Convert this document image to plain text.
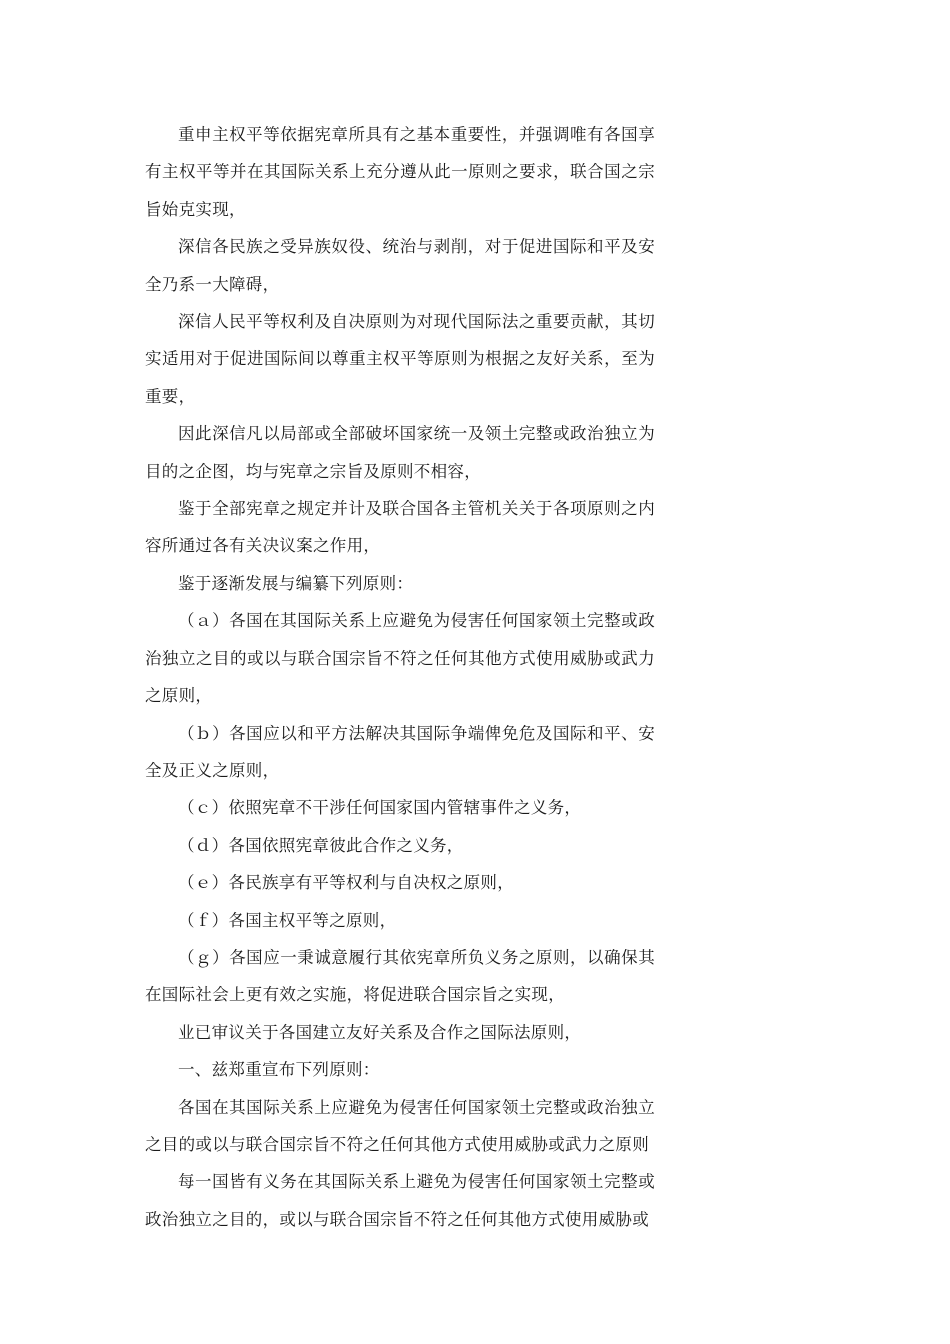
重申主权平等依据宪章所具有之基本重要性，并强调唯有各国享有主权平等并在其国际关系上充分遵从此一原则之要求，联合国之宗旨始克实现，

深信各民族之受异族奴役、统治与剥削，对于促进国际和平及安全乃系一大障碍，

深信人民平等权利及自决原则为对现代国际法之重要贡献，其切实适用对于促进国际间以尊重主权平等原则为根据之友好关系，至为重要，

因此深信凡以局部或全部破坏国家统一及领土完整或政治独立为目的之企图，均与宪章之宗旨及原则不相容，

鉴于全部宪章之规定并计及联合国各主管机关关于各项原则之内容所通过各有关决议案之作用，

鉴于逐渐发展与编纂下列原则：

（ａ）各国在其国际关系上应避免为侵害任何国家领土完整或政治独立之目的或以与联合国宗旨不符之任何其他方式使用威胁或武力之原则，

（ｂ）各国应以和平方法解决其国际争端俾免危及国际和平、安全及正义之原则，

（ｃ）依照宪章不干涉任何国家国内管辖事件之义务，

（ｄ）各国依照宪章彼此合作之义务，

（ｅ）各民族享有平等权利与自决权之原则，

（ｆ）各国主权平等之原则，

（ｇ）各国应一秉诚意履行其依宪章所负义务之原则，以确保其在国际社会上更有效之实施，将促进联合国宗旨之实现，

业已审议关于各国建立友好关系及合作之国际法原则，

一、兹郑重宣布下列原则：

各国在其国际关系上应避免为侵害任何国家领土完整或政治独立之目的或以与联合国宗旨不符之任何其他方式使用威胁或武力之原则

每一国皆有义务在其国际关系上避免为侵害任何国家领土完整或政治独立之目的，或以与联合国宗旨不符之任何其他方式使用威胁或
